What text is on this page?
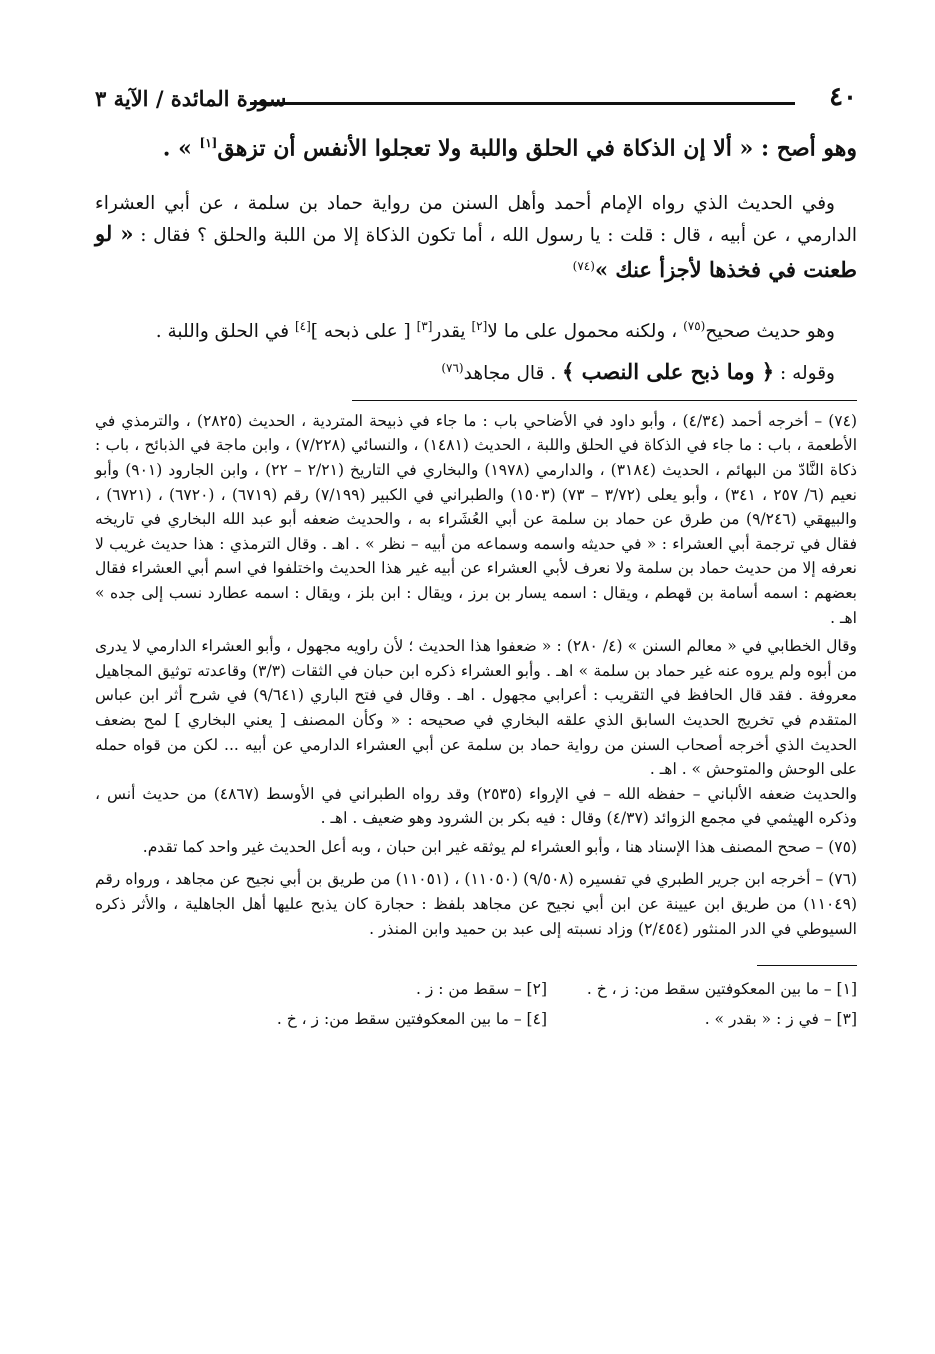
٤٠
سورة المائدة / الآية ٣

وهو أصح : « ألا إن الذكاة في الحلق واللبة ولا تعجلوا الأنفس أن تزهق[١] » .

وفي الحديث الذي رواه الإمام أحمد وأهل السنن من رواية حماد بن سلمة ، عن أبي العشراء الدارمي ، عن أبيه ، قال : قلت : يا رسول الله ، أما تكون الذكاة إلا من اللبة والحلق ؟ فقال : « لو طعنت في فخذها لأجزأ عنك »$^{(٧٤)}$

وهو حديث صحيح$^{(٧٥)}$ ، ولكنه محمول على ما لا[٢] يقدر[٣] [ على ذبحه ][٤] في الحلق واللبة .

وقوله : ﴿ وما ذبح على النصب ﴾ . قال مجاهد$^{(٧٦)}$

(٧٤) – أخرجه أحمد (٤/٣٤) ، وأبو داود في الأضاحي باب : ما جاء في ذبيحة المتردية ، الحديث (٢٨٢٥) ، والترمذي في الأطعمة ، باب : ما جاء في الذكاة في الحلق واللبة ، الحديث (١٤٨١) ، والنسائي (٧/٢٢٨) ، وابن ماجة في الذبائح ، باب : ذكاة النَّادّ من البهائم ، الحديث (٣١٨٤) ، والدارمي (١٩٧٨) والبخاري في التاريخ (٢/٢١ – ٢٢) ، وابن الجارود (٩٠١) وأبو نعيم (٦/ ٢٥٧ ، ٣٤١) ، وأبو يعلى (٣/٧٢ – ٧٣) (١٥٠٣) والطبراني في الكبير (٧/١٩٩) رقم (٦٧١٩) ، (٦٧٢٠) ، (٦٧٢١) ، والبيهقي (٩/٢٤٦) من طرق عن حماد بن سلمة عن أبي العُشَراء به ، والحديث ضعفه أبو عبد الله البخاري في تاريخه فقال في ترجمة أبي العشراء : « في حديثه واسمه وسماعه من أبيه – نظر » . اهـ . وقال الترمذي : هذا حديث غريب لا نعرفه إلا من حديث حماد بن سلمة ولا نعرف لأبي العشراء عن أبيه غير هذا الحديث واختلفوا في اسم أبي العشراء فقال بعضهم : اسمه أسامة بن قهطم ، ويقال : اسمه يسار بن برز ، ويقال : ابن بلز ، ويقال : اسمه عطارد نسب إلى جده » اهـ .

وقال الخطابي في « معالم السنن » (٤/ ٢٨٠) : « ضعفوا هذا الحديث ؛ لأن راويه مجهول ، وأبو العشراء الدارمي لا يدرى من أبوه ولم يروه عنه غير حماد بن سلمة » اهـ . وأبو العشراء ذكره ابن حبان في الثقات (٣/٣) وقاعدته توثيق المجاهيل معروفة . فقد قال الحافظ في التقريب : أعرابي مجهول . اهـ . وقال في فتح الباري (٩/٦٤١) في شرح أثر ابن عباس المتقدم في تخريج الحديث السابق الذي علقه البخاري في صحيحه : « وكأن المصنف [ يعني البخاري ] لمح بضعف الحديث الذي أخرجه أصحاب السنن من رواية حماد بن سلمة عن أبي العشراء الدارمي عن أبيه ... لكن من قواه حمله على الوحش والمتوحش » . اهـ .

والحديث ضعفه الألباني – حفظه الله – في الإرواء (٢٥٣٥) وقد رواه الطبراني في الأوسط (٤٨٦٧) من حديث أنس ، وذكره الهيثمي في مجمع الزوائد (٤/٣٧) وقال : فيه بكر بن الشرود وهو ضعيف . اهـ .

(٧٥) – صحح المصنف هذا الإسناد هنا ، وأبو العشراء لم يوثقه غير ابن حبان ، وبه أعل الحديث غير واحد كما تقدم.

(٧٦) – أخرجه ابن جرير الطبري في تفسيره (٩/٥٠٨) (١١٠٥٠) ، (١١٠٥١) من طريق بن أبي نجيح عن مجاهد ، ورواه رقم (١١٠٤٩) من طريق ابن عيينة عن ابن أبي نجيح عن مجاهد بلفظ : حجارة كان يذبح عليها أهل الجاهلية ، والأثر ذكره السيوطي في الدر المنثور (٢/٤٥٤) وزاد نسبته إلى عبد بن حميد وابن المنذر .

[١] – ما بين المعكوفتين سقط من: ز ، خ .
[٢] – سقط من : ز .
[٣] – في ز : « بقدر » .
[٤] – ما بين المعكوفتين سقط من: ز ، خ .
